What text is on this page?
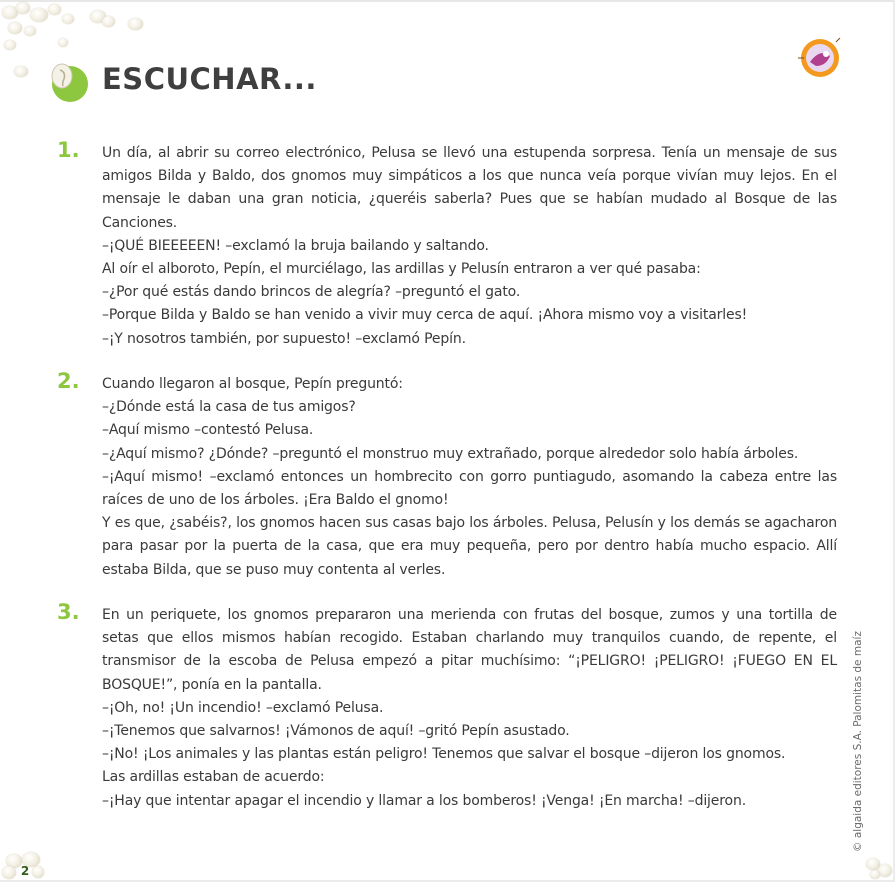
ESCUCHAR...
1. Un día, al abrir su correo electrónico, Pelusa se llevó una estupenda sorpresa. Tenía un mensaje de sus amigos Bilda y Baldo, dos gnomos muy simpáticos a los que nunca veía porque vivían muy lejos. En el mensaje le daban una gran noticia, ¿queréis saberla? Pues que se habían mudado al Bosque de las Canciones.

–¡QUÉ BIEEEEEN! –exclamó la bruja bailando y saltando.

Al oír el alboroto, Pepín, el murciélago, las ardillas y Pelusín entraron a ver qué pasaba:

–¿Por qué estás dando brincos de alegría? –preguntó el gato.

–Porque Bilda y Baldo se han venido a vivir muy cerca de aquí. ¡Ahora mismo voy a visitarles!

–¡Y nosotros también, por supuesto! –exclamó Pepín.

2. Cuando llegaron al bosque, Pepín preguntó:

–¿Dónde está la casa de tus amigos?

–Aquí mismo –contestó Pelusa.

–¿Aquí mismo? ¿Dónde? –preguntó el monstruo muy extrañado, porque alrededor solo había árboles.

–¡Aquí mismo! –exclamó entonces un hombrecito con gorro puntiagudo, asomando la cabeza entre las raíces de uno de los árboles. ¡Era Baldo el gnomo!

Y es que, ¿sabéis?, los gnomos hacen sus casas bajo los árboles. Pelusa, Pelusín y los demás se agacharon para pasar por la puerta de la casa, que era muy pequeña, pero por dentro había mucho espacio. Allí estaba Bilda, que se puso muy contenta al verles.

3. En un periquete, los gnomos prepararon una merienda con frutas del bosque, zumos y una tortilla de setas que ellos mismos habían recogido. Estaban charlando muy tranquilos cuando, de repente, el transmisor de la escoba de Pelusa empezó a pitar muchísimo: “¡PELIGRO! ¡PELIGRO! ¡FUEGO EN EL BOSQUE!”, ponía en la pantalla.

–¡Oh, no! ¡Un incendio! –exclamó Pelusa.

–¡Tenemos que salvarnos! ¡Vámonos de aquí! –gritó Pepín asustado.

–¡No! ¡Los animales y las plantas están peligro! Tenemos que salvar el bosque –dijeron los gnomos.

Las ardillas estaban de acuerdo:

–¡Hay que intentar apagar el incendio y llamar a los bomberos! ¡Venga! ¡En marcha! –dijeron.	© algaida editores S.A. Palomitas de maíz
2
